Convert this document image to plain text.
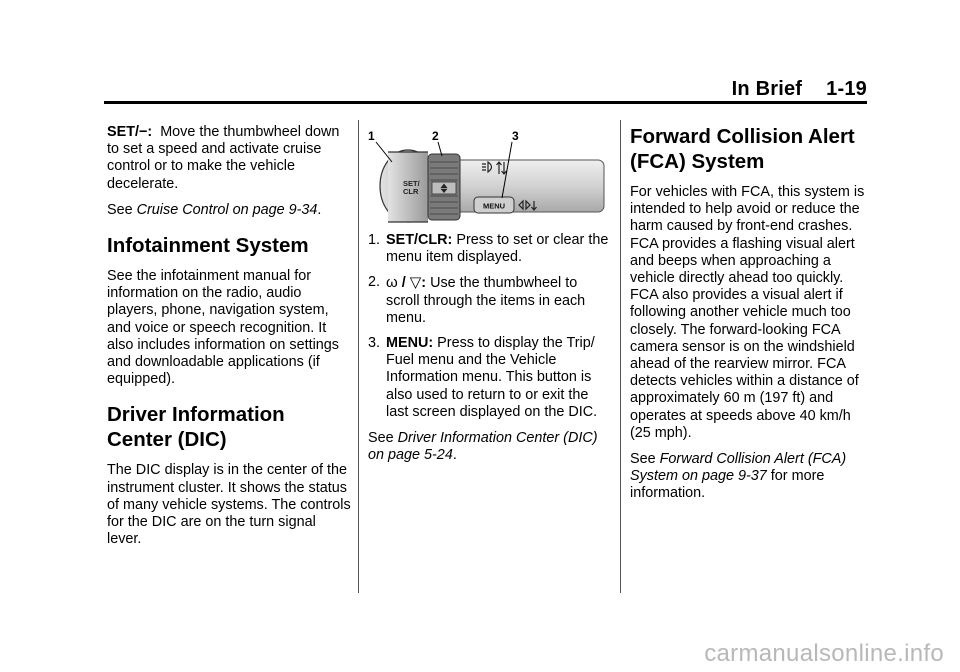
In Brief 1-19

SET/−: Move the thumbwheel down to set a speed and activate cruise control or to make the vehicle decelerate.

See Cruise Control on page 9-34.

Infotainment System

See the infotainment manual for information on the radio, audio players, phone, navigation system, and voice or speech recognition. It also includes information on settings and downloadable applications (if equipped).

Driver Information
Center (DIC)

The DIC display is in the center of the instrument cluster. It shows the status of many vehicle systems. The controls for the DIC are on the turn signal lever.

SET/
CLR
MENU
1	2	3
1. SET/CLR: Press to set or clear the menu item displayed.
2. ω / ▽: Use the thumbwheel to scroll through the items in each menu.
3. MENU: Press to display the Trip/ Fuel menu and the Vehicle Information menu. This button is also used to return to or exit the last screen displayed on the DIC.

See Driver Information Center (DIC) on page 5-24.

Forward Collision Alert
(FCA) System

For vehicles with FCA, this system is intended to help avoid or reduce the harm caused by front-end crashes. FCA provides a flashing visual alert and beeps when approaching a vehicle directly ahead too quickly. FCA also provides a visual alert if following another vehicle much too closely. The forward-looking FCA camera sensor is on the windshield ahead of the rearview mirror. FCA detects vehicles within a distance of approximately 60 m (197 ft) and operates at speeds above 40 km/h (25 mph).

See Forward Collision Alert (FCA) System on page 9-37 for more information.

carmanualsonline.info
